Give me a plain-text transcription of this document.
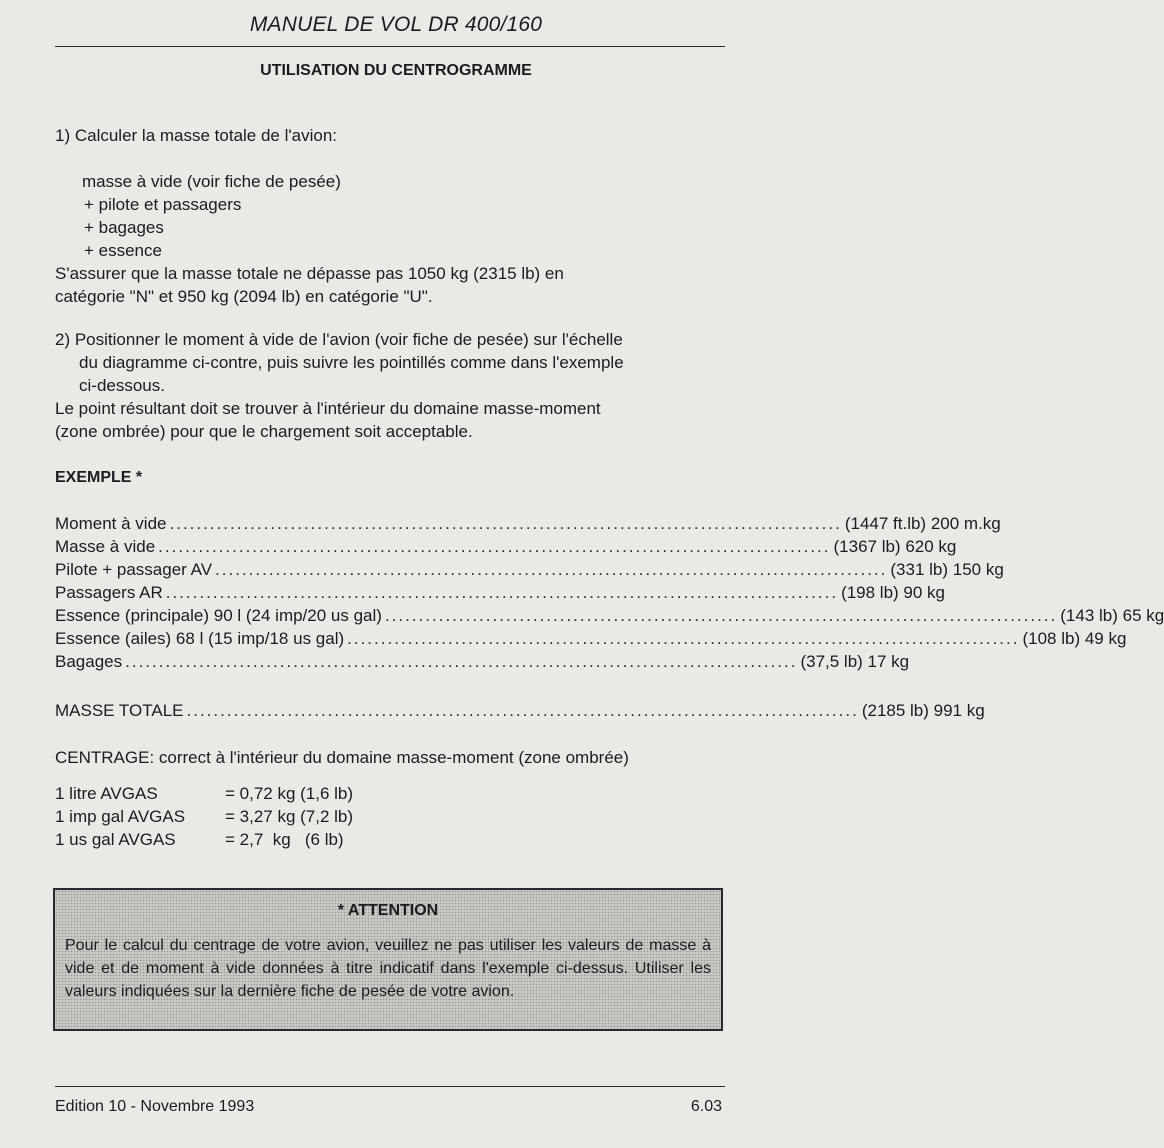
MANUEL DE VOL DR 400/160
UTILISATION DU CENTROGRAMME
1) Calculer la masse totale de l'avion:
masse à vide (voir fiche de pesée)
+ pilote et passagers
+ bagages
+ essence
S'assurer que la masse totale ne dépasse pas 1050 kg (2315 lb) en
catégorie "N" et 950 kg (2094 lb) en catégorie "U".
2) Positionner le moment à vide de l'avion (voir fiche de pesée) sur l'échelle
du diagramme ci-contre, puis suivre les pointillés comme dans l'exemple
ci-dessous.
Le point résultant doit se trouver à l'intérieur du domaine masse-moment
(zone ombrée) pour que le chargement soit acceptable.
EXEMPLE *
Moment à vide .................................................................................................... (1447 ft.lb) 200 m.kg
Masse à vide .................................................................................................... (1367 lb) 620 kg
Pilote + passager AV .................................................................................................... (331 lb) 150 kg
Passagers AR .................................................................................................... (198 lb) 90 kg
Essence (principale) 90 l (24 imp/20 us gal) .................................................................................................... (143 lb) 65 kg
Essence (ailes) 68 l (15 imp/18 us gal) .................................................................................................... (108 lb) 49 kg
Bagages .................................................................................................... (37,5 lb) 17 kg
MASSE TOTALE .................................................................................................... (2185 lb) 991 kg
CENTRAGE: correct à l'intérieur du domaine masse-moment (zone ombrée)
1 litre AVGAS	= 0,72 kg (1,6 lb)
1 imp gal AVGAS = 3,27 kg (7,2 lb)
1 us gal AVGAS	= 2,7  kg   (6 lb)
* ATTENTION
Pour le calcul du centrage de votre avion, veuillez ne pas utiliser les valeurs de masse à vide et de moment à vide données à titre indicatif dans l'exemple ci-dessus. Utiliser les valeurs indiquées sur la dernière fiche de pesée de votre avion.
Edition 10 - Novembre 1993	6.03
